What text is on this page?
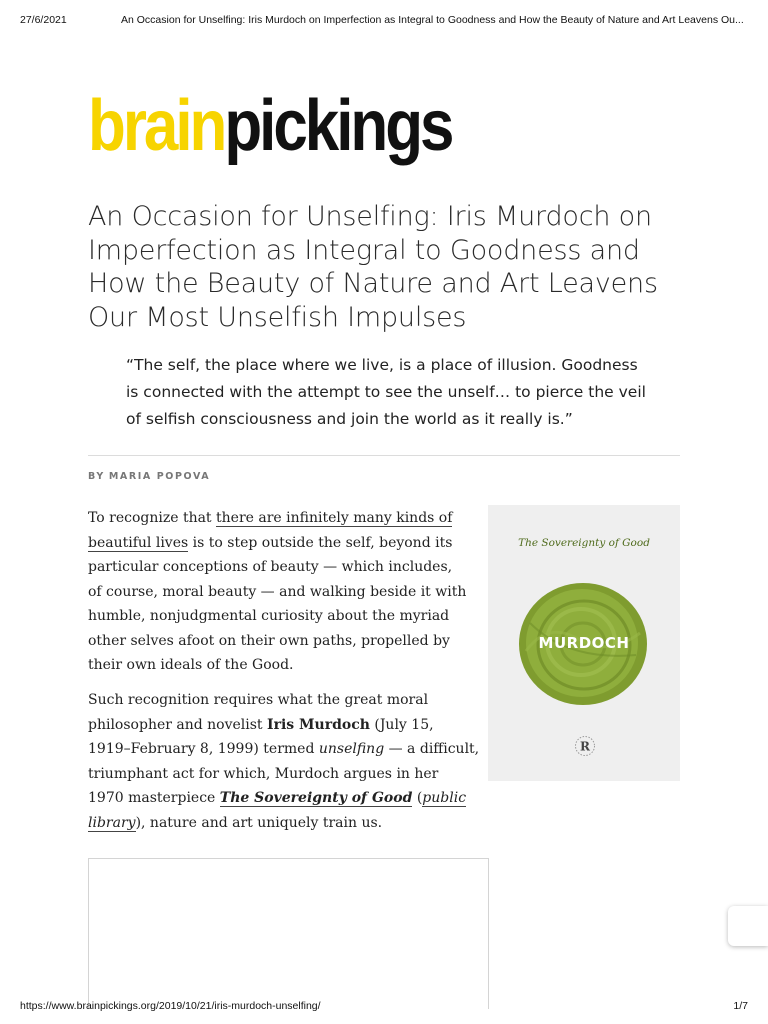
27/6/2021	An Occasion for Unselfing: Iris Murdoch on Imperfection as Integral to Goodness and How the Beauty of Nature and Art Leavens Ou...
brainpickings
An Occasion for Unselfing: Iris Murdoch on
Imperfection as Integral to Goodness and
How the Beauty of Nature and Art Leavens
Our Most Unselfish Impulses
“The self, the place where we live, is a place of illusion. Goodness
is connected with the attempt to see the unself… to pierce the veil
of selfish consciousness and join the world as it really is.”
BY MARIA POPOVA
To recognize that there are infinitely many kinds of
beautiful lives is to step outside the self, beyond its
particular conceptions of beauty — which includes,
of course, moral beauty — and walking beside it with
humble, nonjudgmental curiosity about the myriad
other selves afoot on their own paths, propelled by
their own ideals of the Good.
Such recognition requires what the great moral
philosopher and novelist Iris Murdoch (July 15,
1919–February 8, 1999) termed unselfing — a difficult,
triumphant act for which, Murdoch argues in her
1970 masterpiece The Sovereignty of Good (public
library), nature and art uniquely train us.
The Sovereignty of Good
MURDOCH
R
https://www.brainpickings.org/2019/10/21/iris-murdoch-unselfing/	1/7
